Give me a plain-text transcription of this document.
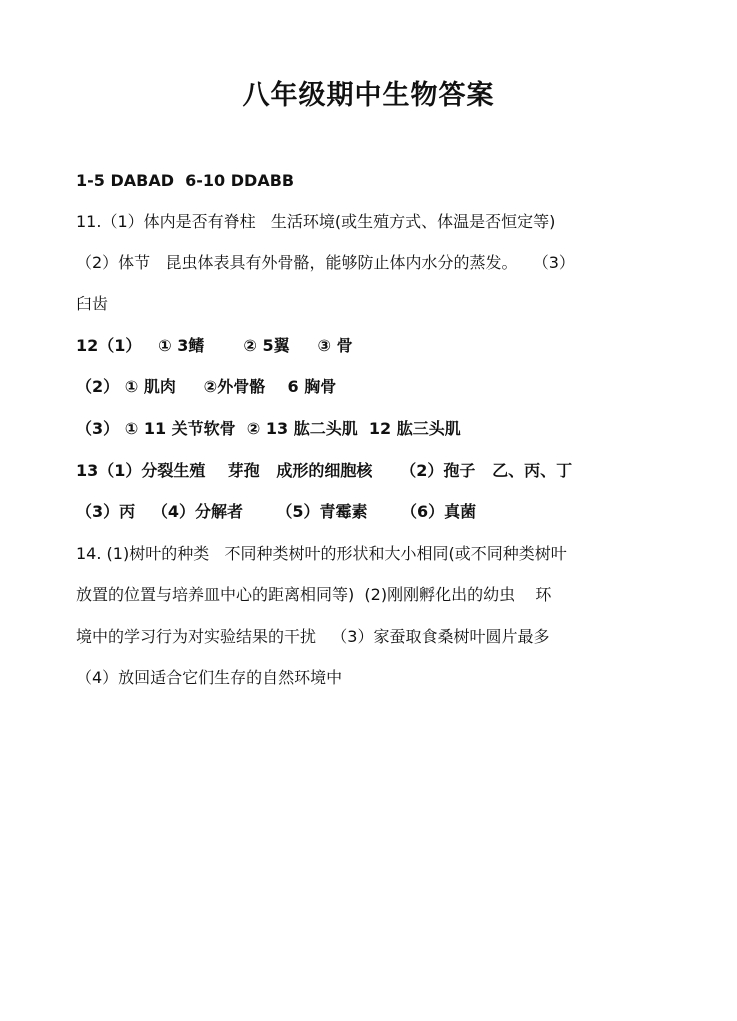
八年级期中生物答案
1-5 DABAD  6-10 DDABB
11.（1）体内是否有脊柱   生活环境(或生殖方式、体温是否恒定等)
（2）体节   昆虫体表具有外骨骼，能够防止体内水分的蒸发。   （3）
臼齿
12（1）   ① 3鳍       ② 5翼     ③ 骨
（2） ① 肌肉     ②外骨骼    6 胸骨
（3） ① 11 关节软骨  ② 13 肱二头肌  12 肱三头肌
13（1）分裂生殖    芽孢   成形的细胞核     （2）孢子   乙、丙、丁
（3）丙   （4）分解者      （5）青霉素      （6）真菌
14. (1)树叶的种类   不同种类树叶的形状和大小相同(或不同种类树叶
放置的位置与培养皿中心的距离相同等)  (2)刚刚孵化出的幼虫    环
境中的学习行为对实验结果的干扰   （3）家蚕取食桑树叶圆片最多
（4）放回适合它们生存的自然环境中
